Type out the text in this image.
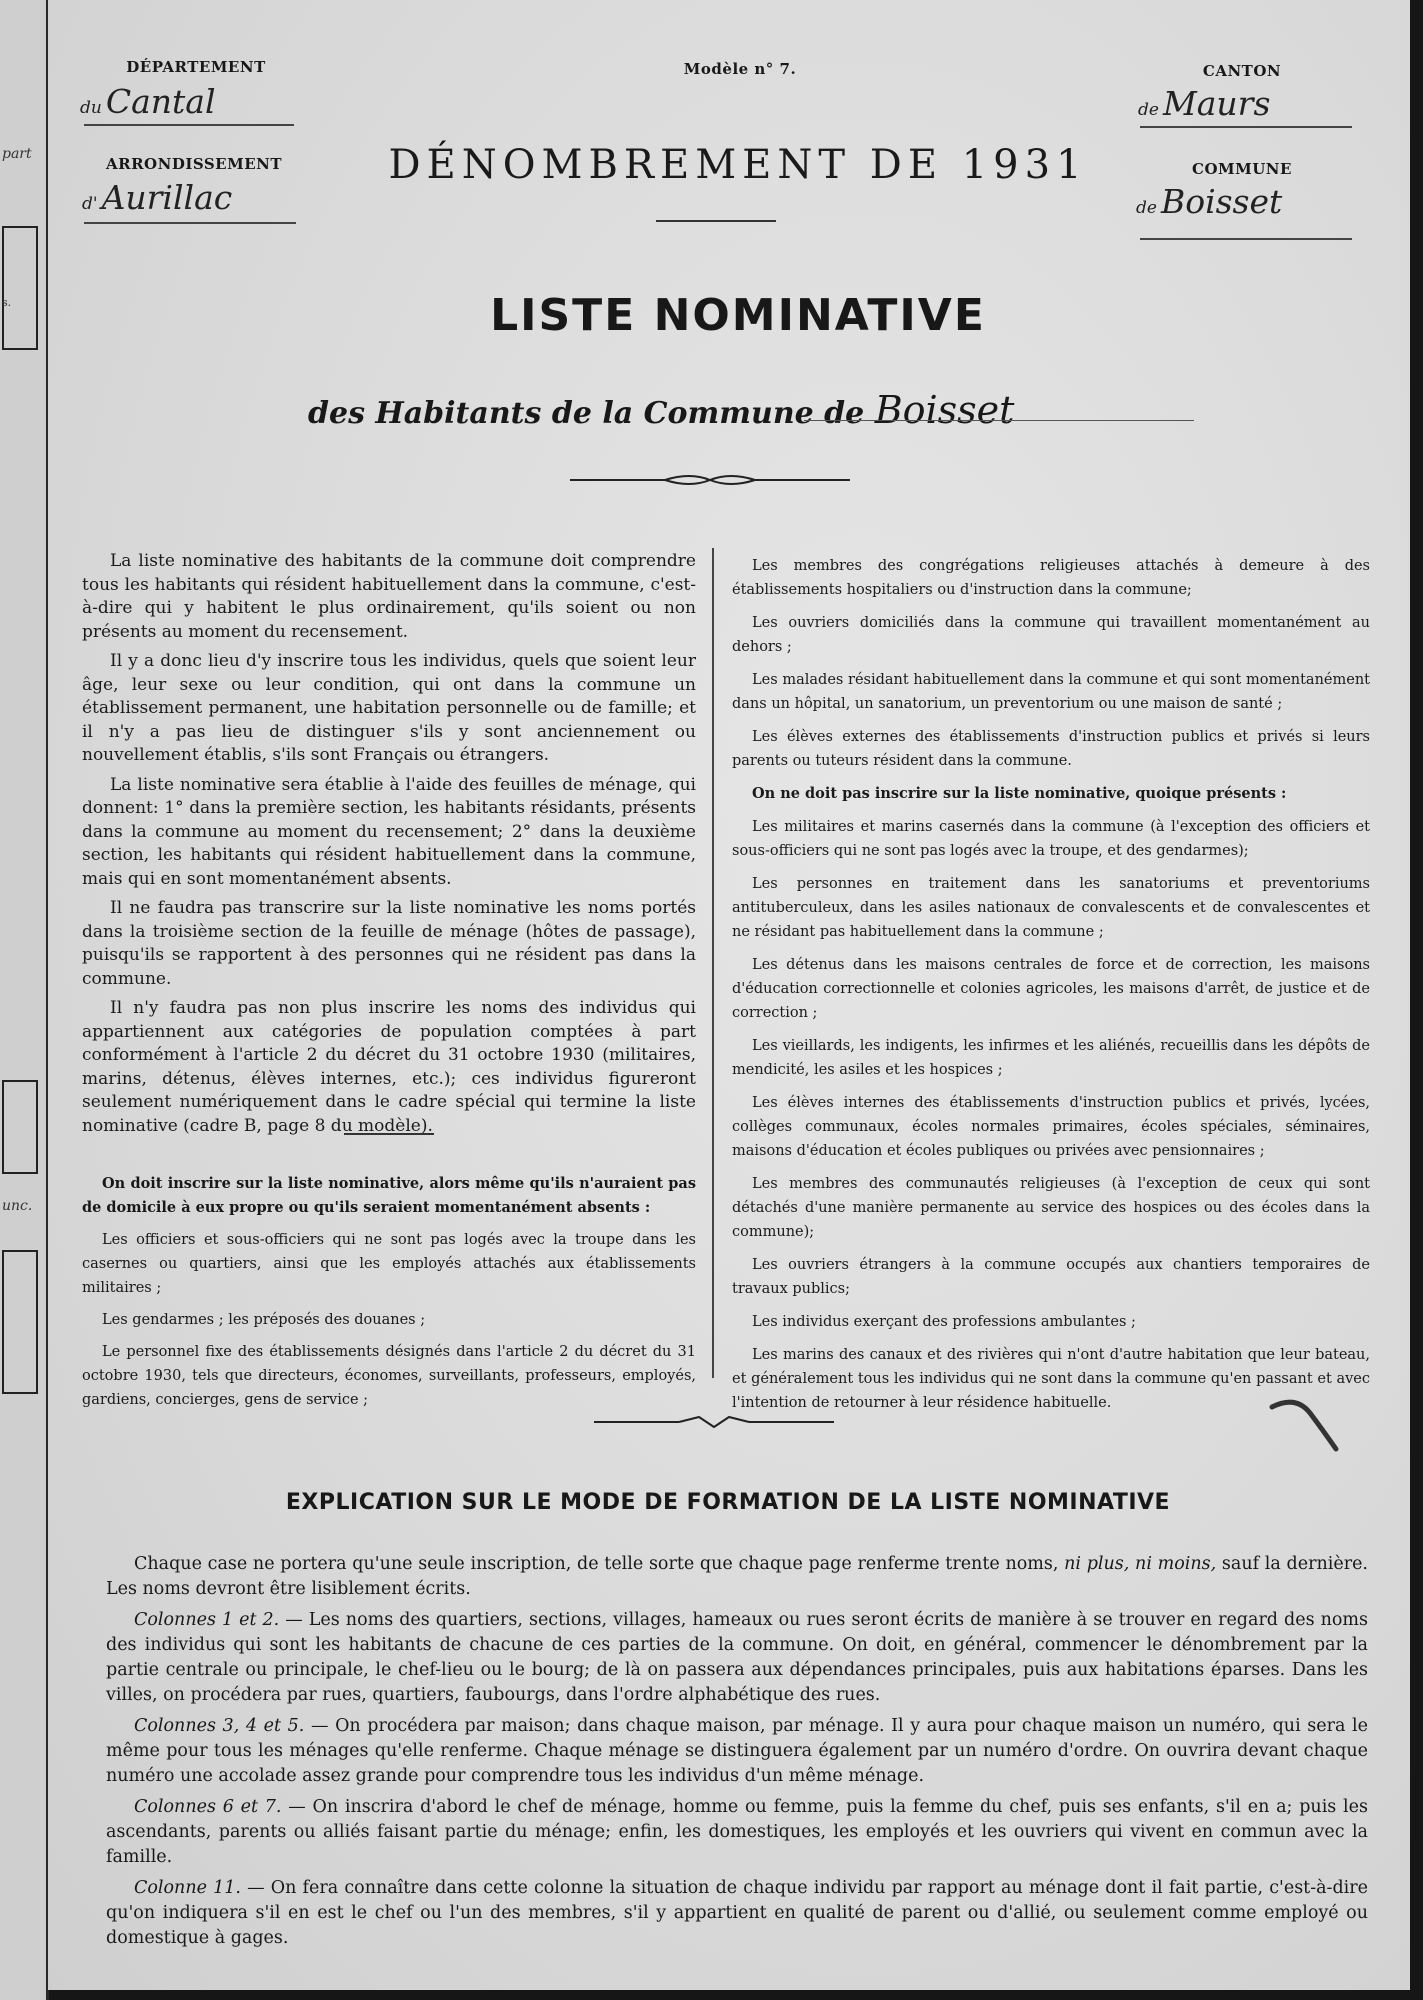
part
s.
unc.
DÉPARTEMENT
du Cantal
ARRONDISSEMENT
d' Aurillac
Modèle n° 7.
DÉNOMBREMENT DE 1931
CANTON
de Maurs
COMMUNE
de Boisset
LISTE NOMINATIVE
des Habitants de la Commune de Boisset

La liste nominative des habitants de la commune doit comprendre tous les habitants qui résident habituellement dans la commune, c'est-à-dire qui y habitent le plus ordinairement, qu'ils soient ou non présents au moment du recensement.

Il y a donc lieu d'y inscrire tous les individus, quels que soient leur âge, leur sexe ou leur condition, qui ont dans la commune un établissement permanent, une habitation personnelle ou de famille; et il n'y a pas lieu de distinguer s'ils y sont anciennement ou nouvellement établis, s'ils sont Français ou étrangers.

La liste nominative sera établie à l'aide des feuilles de ménage, qui donnent: 1° dans la première section, les habitants résidants, présents dans la commune au moment du recensement; 2° dans la deuxième section, les habitants qui résident habituellement dans la commune, mais qui en sont momentanément absents.

Il ne faudra pas transcrire sur la liste nominative les noms portés dans la troisième section de la feuille de ménage (hôtes de passage), puisqu'ils se rapportent à des personnes qui ne résident pas dans la commune.

Il n'y faudra pas non plus inscrire les noms des individus qui appartiennent aux catégories de population comptées à part conformément à l'article 2 du décret du 31 octobre 1930 (militaires, marins, détenus, élèves internes, etc.); ces individus figureront seulement numériquement dans le cadre spécial qui termine la liste nominative (cadre B, page 8 du modèle).

On doit inscrire sur la liste nominative, alors même qu'ils n'auraient pas de domicile à eux propre ou qu'ils seraient momentanément absents :

Les officiers et sous-officiers qui ne sont pas logés avec la troupe dans les casernes ou quartiers, ainsi que les employés attachés aux établissements militaires ;

Les gendarmes ; les préposés des douanes ;

Le personnel fixe des établissements désignés dans l'article 2 du décret du 31 octobre 1930, tels que directeurs, économes, surveillants, professeurs, employés, gardiens, concierges, gens de service ;

Les membres des congrégations religieuses attachés à demeure à des établissements hospitaliers ou d'instruction dans la commune;

Les ouvriers domiciliés dans la commune qui travaillent momentanément au dehors ;

Les malades résidant habituellement dans la commune et qui sont momentanément dans un hôpital, un sanatorium, un preventorium ou une maison de santé ;

Les élèves externes des établissements d'instruction publics et privés si leurs parents ou tuteurs résident dans la commune.

On ne doit pas inscrire sur la liste nominative, quoique présents :

Les militaires et marins casernés dans la commune (à l'exception des officiers et sous-officiers qui ne sont pas logés avec la troupe, et des gendarmes);

Les personnes en traitement dans les sanatoriums et preventoriums antituberculeux, dans les asiles nationaux de convalescents et de convalescentes et ne résidant pas habituellement dans la commune ;

Les détenus dans les maisons centrales de force et de correction, les maisons d'éducation correctionnelle et colonies agricoles, les maisons d'arrêt, de justice et de correction ;

Les vieillards, les indigents, les infirmes et les aliénés, recueillis dans les dépôts de mendicité, les asiles et les hospices ;

Les élèves internes des établissements d'instruction publics et privés, lycées, collèges communaux, écoles normales primaires, écoles spéciales, séminaires, maisons d'éducation et écoles publiques ou privées avec pensionnaires ;

Les membres des communautés religieuses (à l'exception de ceux qui sont détachés d'une manière permanente au service des hospices ou des écoles dans la commune);

Les ouvriers étrangers à la commune occupés aux chantiers temporaires de travaux publics;

Les individus exerçant des professions ambulantes ;

Les marins des canaux et des rivières qui n'ont d'autre habitation que leur bateau, et généralement tous les individus qui ne sont dans la commune qu'en passant et avec l'intention de retourner à leur résidence habituelle.

EXPLICATION SUR LE MODE DE FORMATION DE LA LISTE NOMINATIVE

Chaque case ne portera qu'une seule inscription, de telle sorte que chaque page renferme trente noms, ni plus, ni moins, sauf la dernière. Les noms devront être lisiblement écrits.

Colonnes 1 et 2. — Les noms des quartiers, sections, villages, hameaux ou rues seront écrits de manière à se trouver en regard des noms des individus qui sont les habitants de chacune de ces parties de la commune. On doit, en général, commencer le dénombrement par la partie centrale ou principale, le chef-lieu ou le bourg; de là on passera aux dépendances principales, puis aux habitations éparses. Dans les villes, on procédera par rues, quartiers, faubourgs, dans l'ordre alphabétique des rues.

Colonnes 3, 4 et 5. — On procédera par maison; dans chaque maison, par ménage. Il y aura pour chaque maison un numéro, qui sera le même pour tous les ménages qu'elle renferme. Chaque ménage se distinguera également par un numéro d'ordre. On ouvrira devant chaque numéro une accolade assez grande pour comprendre tous les individus d'un même ménage.

Colonnes 6 et 7. — On inscrira d'abord le chef de ménage, homme ou femme, puis la femme du chef, puis ses enfants, s'il en a; puis les ascendants, parents ou alliés faisant partie du ménage; enfin, les domestiques, les employés et les ouvriers qui vivent en commun avec la famille.

Colonne 11. — On fera connaître dans cette colonne la situation de chaque individu par rapport au ménage dont il fait partie, c'est-à-dire qu'on indiquera s'il en est le chef ou l'un des membres, s'il y appartient en qualité de parent ou d'allié, ou seulement comme employé ou domestique à gages.
